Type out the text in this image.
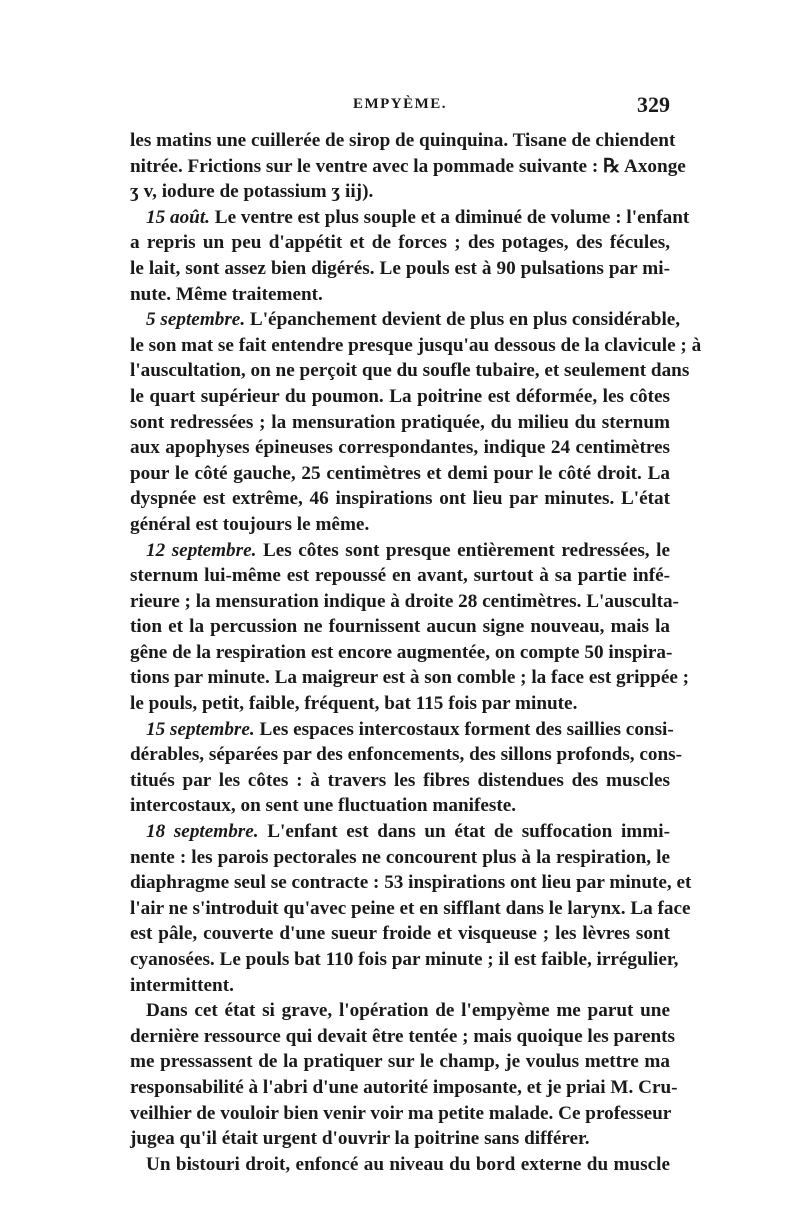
EMPYÈME.	329
les matins une cuillerée de sirop de quinquina. Tisane de chiendent
nitrée. Frictions sur le ventre avec la pommade suivante : ℞ Axonge
ʒ v, iodure de potassium ʒ iij).
15 août. Le ventre est plus souple et a diminué de volume : l'enfant
a repris un peu d'appétit et de forces ; des potages, des fécules,
le lait, sont assez bien digérés. Le pouls est à 90 pulsations par mi-
nute. Même traitement.
5 septembre. L'épanchement devient de plus en plus considérable,
le son mat se fait entendre presque jusqu'au dessous de la clavicule ; à
l'auscultation, on ne perçoit que du soufle tubaire, et seulement dans
le quart supérieur du poumon. La poitrine est déformée, les côtes
sont redressées ; la mensuration pratiquée, du milieu du sternum
aux apophyses épineuses correspondantes, indique 24 centimètres
pour le côté gauche, 25 centimètres et demi pour le côté droit. La
dyspnée est extrême, 46 inspirations ont lieu par minutes. L'état
général est toujours le même.
12 septembre. Les côtes sont presque entièrement redressées, le
sternum lui-même est repoussé en avant, surtout à sa partie infé-
rieure ; la mensuration indique à droite 28 centimètres. L'ausculta-
tion et la percussion ne fournissent aucun signe nouveau, mais la
gêne de la respiration est encore augmentée, on compte 50 inspira-
tions par minute. La maigreur est à son comble ; la face est grippée ;
le pouls, petit, faible, fréquent, bat 115 fois par minute.
15 septembre. Les espaces intercostaux forment des saillies consi-
dérables, séparées par des enfoncements, des sillons profonds, cons-
titués par les côtes : à travers les fibres distendues des muscles
intercostaux, on sent une fluctuation manifeste.
18 septembre. L'enfant est dans un état de suffocation immi-
nente : les parois pectorales ne concourent plus à la respiration, le
diaphragme seul se contracte : 53 inspirations ont lieu par minute, et
l'air ne s'introduit qu'avec peine et en sifflant dans le larynx. La face
est pâle, couverte d'une sueur froide et visqueuse ; les lèvres sont
cyanosées. Le pouls bat 110 fois par minute ; il est faible, irrégulier,
intermittent.
Dans cet état si grave, l'opération de l'empyème me parut une
dernière ressource qui devait être tentée ; mais quoique les parents
me pressassent de la pratiquer sur le champ, je voulus mettre ma
responsabilité à l'abri d'une autorité imposante, et je priai M. Cru-
veilhier de vouloir bien venir voir ma petite malade. Ce professeur
jugea qu'il était urgent d'ouvrir la poitrine sans différer.
Un bistouri droit, enfoncé au niveau du bord externe du muscle
